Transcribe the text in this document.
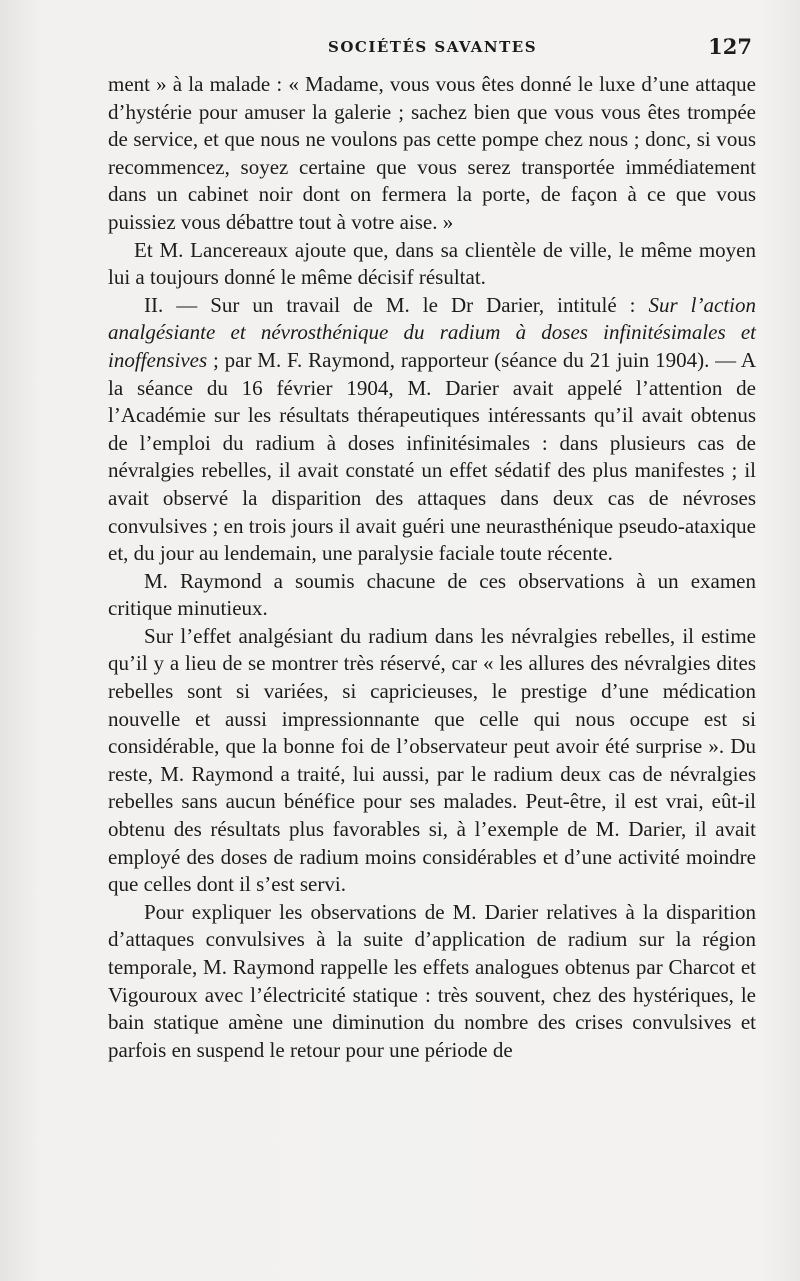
SOCIÉTÉS SAVANTES	127

ment » à la malade : « Madame, vous vous êtes donné le luxe d’une attaque d’hystérie pour amuser la galerie ; sachez bien que vous vous êtes trompée de service, et que nous ne voulons pas cette pompe chez nous ; donc, si vous recommencez, soyez certaine que vous serez transportée immédiatement dans un cabinet noir dont on fermera la porte, de façon à ce que vous puissiez vous débattre tout à votre aise. »

Et M. Lancereaux ajoute que, dans sa clientèle de ville, le même moyen lui a toujours donné le même décisif résultat.

II. — Sur un travail de M. le Dr Darier, intitulé : Sur l’action analgésiante et névrosthénique du radium à doses infinitésimales et inoffensives ; par M. F. Raymond, rapporteur (séance du 21 juin 1904). — A la séance du 16 février 1904, M. Darier avait appelé l’attention de l’Académie sur les résultats thérapeutiques intéressants qu’il avait obtenus de l’emploi du radium à doses infinitésimales : dans plusieurs cas de névralgies rebelles, il avait constaté un effet sédatif des plus manifestes ; il avait observé la disparition des attaques dans deux cas de névroses convulsives ; en trois jours il avait guéri une neurasthénique pseudo-ataxique et, du jour au lendemain, une paralysie faciale toute récente.

M. Raymond a soumis chacune de ces observations à un examen critique minutieux.

Sur l’effet analgésiant du radium dans les névralgies rebelles, il estime qu’il y a lieu de se montrer très réservé, car « les allures des névralgies dites rebelles sont si variées, si capricieuses, le prestige d’une médication nouvelle et aussi impressionnante que celle qui nous occupe est si considérable, que la bonne foi de l’observateur peut avoir été surprise ». Du reste, M. Raymond a traité, lui aussi, par le radium deux cas de névralgies rebelles sans aucun bénéfice pour ses malades. Peut-être, il est vrai, eût-il obtenu des résultats plus favorables si, à l’exemple de M. Darier, il avait employé des doses de radium moins considérables et d’une activité moindre que celles dont il s’est servi.

Pour expliquer les observations de M. Darier relatives à la disparition d’attaques convulsives à la suite d’application de radium sur la région temporale, M. Raymond rappelle les effets analogues obtenus par Charcot et Vigouroux avec l’électricité statique : très souvent, chez des hystériques, le bain statique amène une diminution du nombre des crises convulsives et parfois en suspend le retour pour une période de
